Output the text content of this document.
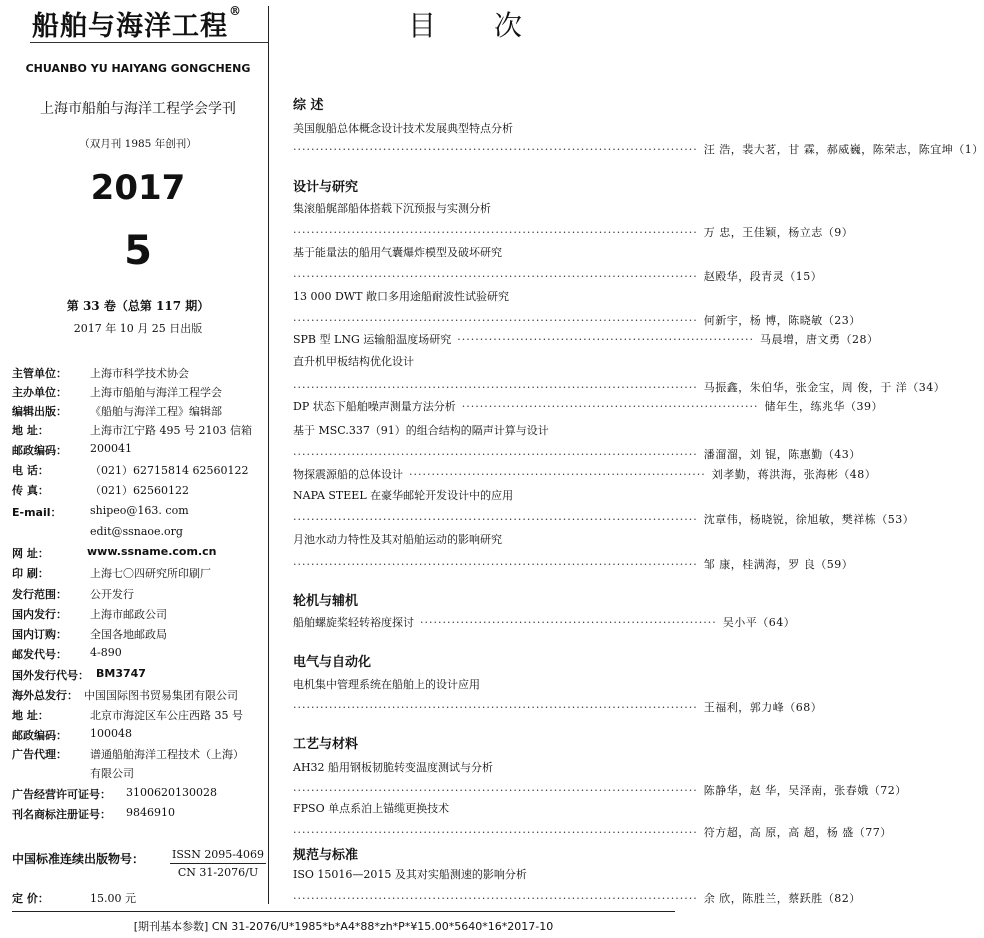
船舶与海洋工程®
CHUANBO YU HAIYANG GONGCHENG
上海市船舶与海洋工程学会学刊
（双月刊 1985 年创刊）
2017
5
第 33 卷（总第 117 期）
2017 年 10 月 25 日出版
主管单位： 上海市科学技术协会
主办单位： 上海市船舶与海洋工程学会
编辑出版： 《船舶与海洋工程》编辑部
地 址：	上海市江宁路 495 号 2103 信箱
邮政编码： 200041
电 话：	（021）62715814 62560122
传 真：	（021）62560122
E-mail：	shipeo@163. com
edit@ssnaoe.org
网 址：	www.ssname.com.cn
印 刷：	上海七〇四研究所印刷厂
发行范围： 公开发行
国内发行： 上海市邮政公司
国内订购： 全国各地邮政局
邮发代号： 4-890
国外发行代号： BM3747
海外总发行： 中国国际图书贸易集团有限公司
地 址：	北京市海淀区车公庄西路 35 号
邮政编码： 100048
广告代理： 谱通船舶海洋工程技术（上海）
有限公司
广告经营许可证号： 3100620130028
刊名商标注册证号： 9846910
中国标准连续出版物号：	ISSN 2095-4069
CN 31-2076/U
定 价：	15.00 元
目次
综 述
美国舰船总体概念设计技术发展典型特点分析
·························································································· 汪 浩，裴大茗，甘 霖，郝威巍，陈荣志，陈宜坤（1）
设计与研究
集滚船艉部船体搭载下沉预报与实测分析
·························································································· 万 忠，王佳颖，杨立志（9）
基于能量法的船用气囊爆炸模型及破坏研究
·························································································· 赵殿华，段青灵（15）
13 000 DWT 敞口多用途船耐波性试验研究
·························································································· 何新宇，杨 博，陈晓敏（23）
SPB 型 LNG 运输船温度场研究 ·································································· 马晨增，唐文勇（28）
直升机甲板结构优化设计
·························································································· 马振鑫，朱伯华，张金宝，周 俊，于 洋（34）
DP 状态下船舶噪声测量方法分析 ·································································· 储年生，练兆华（39）
基于 MSC.337（91）的组合结构的隔声计算与设计
·························································································· 潘溜溜，刘 锟，陈惠勤（43）
物探震源船的总体设计 ·································································· 刘孝勤，蒋洪海，张海彬（48）
NAPA STEEL 在豪华邮轮开发设计中的应用
·························································································· 沈章伟，杨晓锐，徐旭敏，樊祥栋（53）
月池水动力特性及其对船舶运动的影响研究
·························································································· 邹 康，桂满海，罗 良（59）
轮机与辅机
船舶螺旋桨轻转裕度探讨 ·································································· 吴小平（64）
电气与自动化
电机集中管理系统在船舶上的设计应用
·························································································· 王福利，郭力峰（68）
工艺与材料
AH32 船用钢板韧脆转变温度测试与分析
·························································································· 陈静华，赵 华，吴泽南，张春娥（72）
FPSO 单点系泊上锚缆更换技术
·························································································· 符方超，高 原，高 超，杨 盛（77）
规范与标准
ISO 15016—2015 及其对实船测速的影响分析
·························································································· 余 欣，陈胜兰，蔡跃胜（82）
[期刊基本参数] CN 31-2076/U*1985*b*A4*88*zh*P*¥15.00*5640*16*2017-10
